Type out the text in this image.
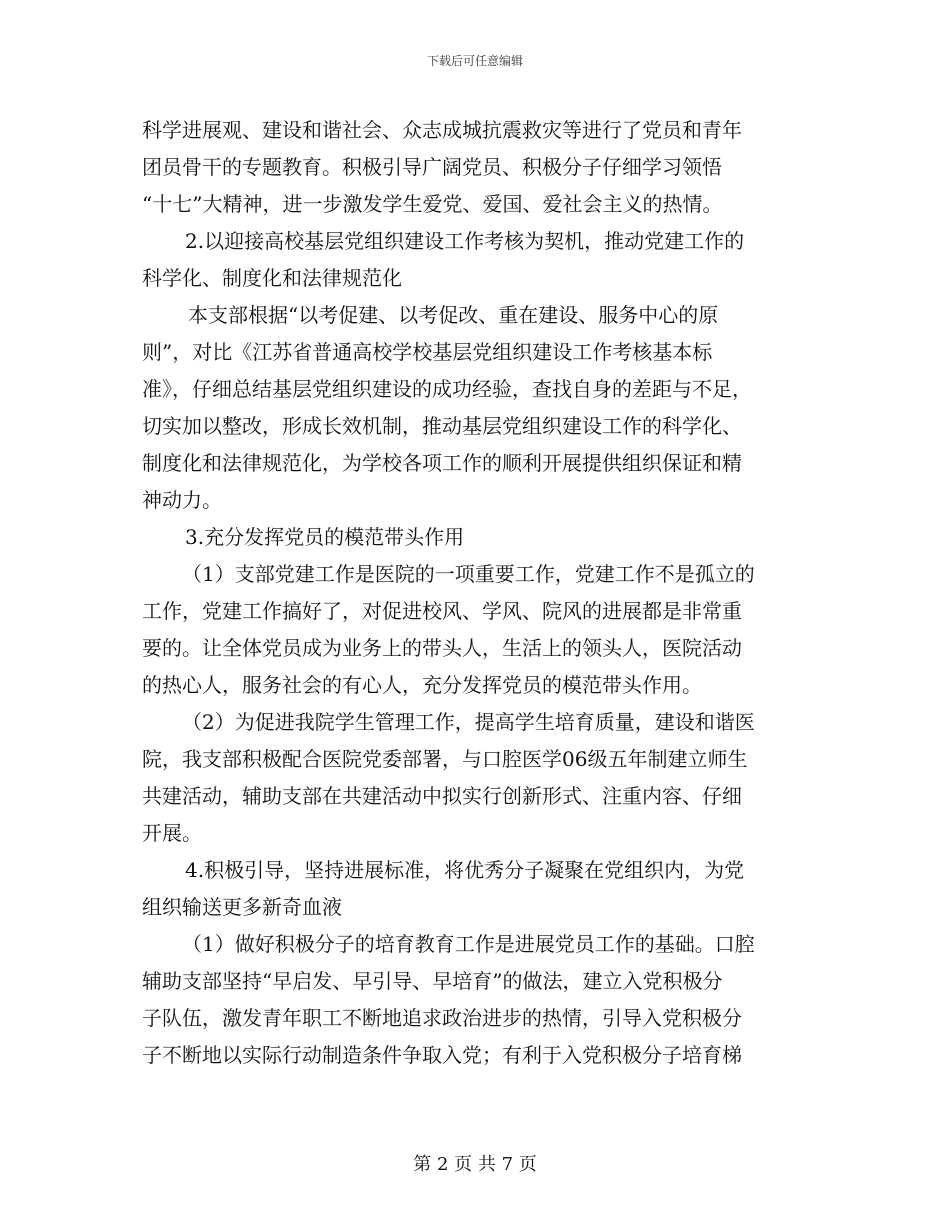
下载后可任意编辑
科学进展观、建设和谐社会、众志成城抗震救灾等进行了党员和青年
团员骨干的专题教育。积极引导广阔党员、积极分子仔细学习领悟
“十七”大精神，进一步激发学生爱党、爱国、爱社会主义的热情。
2.以迎接高校基层党组织建设工作考核为契机，推动党建工作的
科学化、制度化和法律规范化
本支部根据“以考促建、以考促改、重在建设、服务中心的原
则”，对比《江苏省普通高校学校基层党组织建设工作考核基本标
准》，仔细总结基层党组织建设的成功经验，查找自身的差距与不足，
切实加以整改，形成长效机制，推动基层党组织建设工作的科学化、
制度化和法律规范化，为学校各项工作的顺利开展提供组织保证和精
神动力。
3.充分发挥党员的模范带头作用
（1）支部党建工作是医院的一项重要工作，党建工作不是孤立的
工作，党建工作搞好了，对促进校风、学风、院风的进展都是非常重
要的。让全体党员成为业务上的带头人，生活上的领头人，医院活动
的热心人，服务社会的有心人，充分发挥党员的模范带头作用。
（2）为促进我院学生管理工作，提高学生培育质量，建设和谐医
院，我支部积极配合医院党委部署，与口腔医学06级五年制建立师生
共建活动，辅助支部在共建活动中拟实行创新形式、注重内容、仔细
开展。
4.积极引导，坚持进展标准，将优秀分子凝聚在党组织内，为党
组织输送更多新奇血液
（1）做好积极分子的培育教育工作是进展党员工作的基础。口腔
辅助支部坚持“早启发、早引导、早培育”的做法，建立入党积极分
子队伍，激发青年职工不断地追求政治进步的热情，引导入党积极分
子不断地以实际行动制造条件争取入党；有利于入党积极分子培育梯
第 2 页 共 7 页
